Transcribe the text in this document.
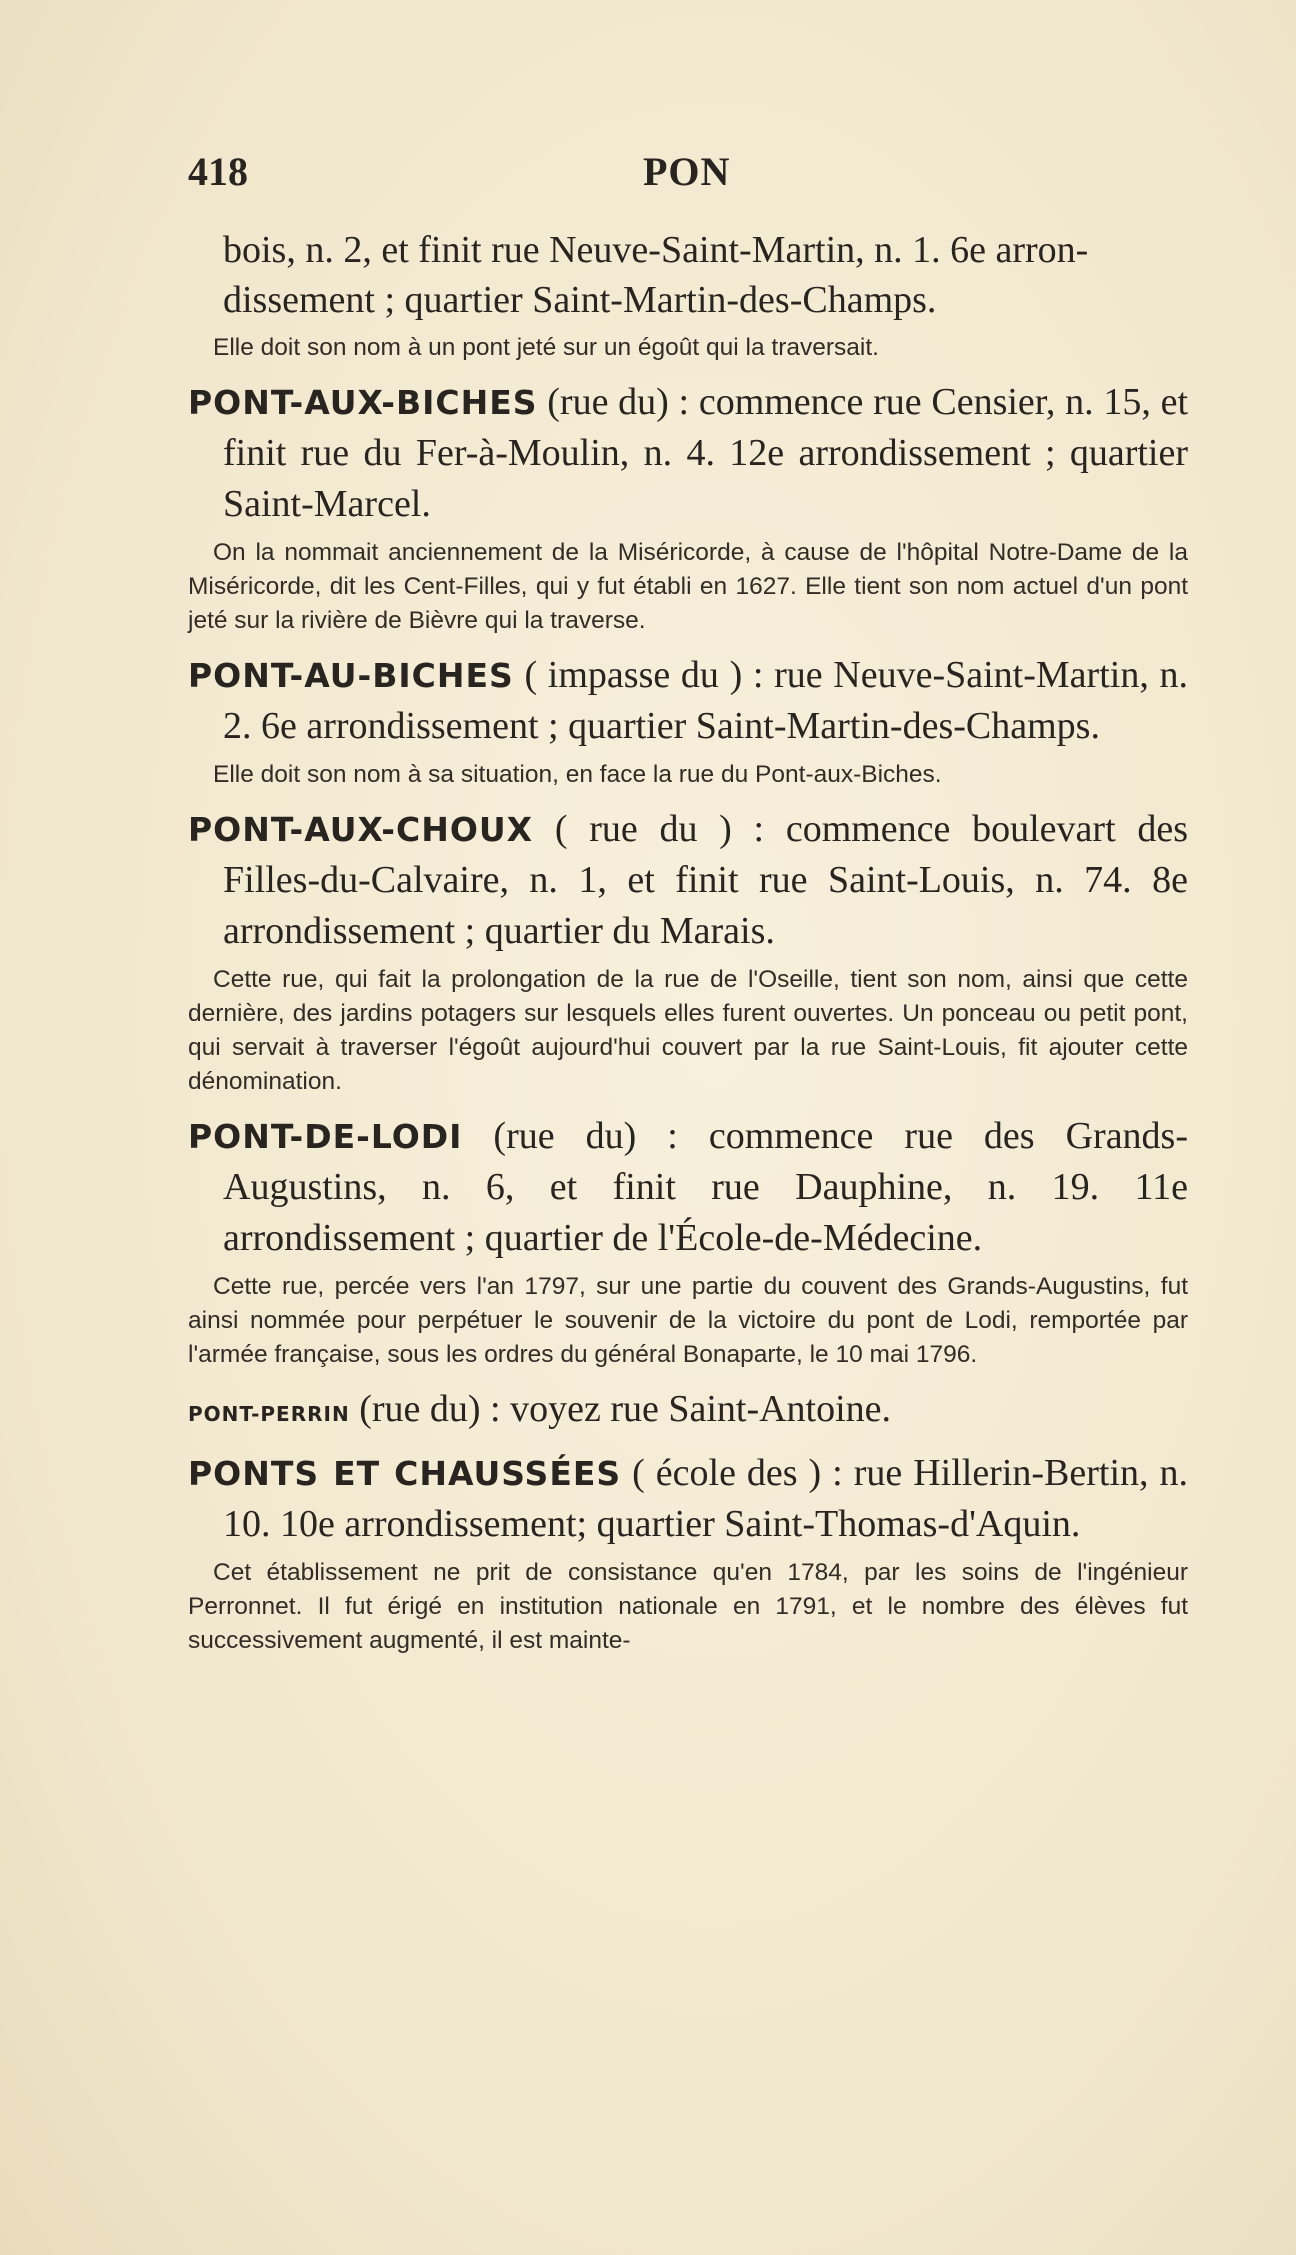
418	PON

bois, n. 2, et finit rue Neuve-Saint-Martin, n. 1. 6e arron-

dissement ; quartier Saint-Martin-des-Champs.

Elle doit son nom à un pont jeté sur un égoût qui la traversait.

PONT-AUX-BICHES (rue du) : commence rue Censier, n. 15, et finit rue du Fer-à-Moulin, n. 4. 12e arrondissement ; quartier Saint-Marcel.

On la nommait anciennement de la Miséricorde, à cause de l'hôpital Notre-Dame de la Miséricorde, dit les Cent-Filles, qui y fut établi en 1627. Elle tient son nom actuel d'un pont jeté sur la rivière de Bièvre qui la traverse.

PONT-AU-BICHES ( impasse du ) : rue Neuve-Saint-Martin, n. 2. 6e arrondissement ; quartier Saint-Martin-des-Champs.

Elle doit son nom à sa situation, en face la rue du Pont-aux-Biches.

PONT-AUX-CHOUX ( rue du ) : commence boulevart des Filles-du-Calvaire, n. 1, et finit rue Saint-Louis, n. 74. 8e arrondissement ; quartier du Marais.

Cette rue, qui fait la prolongation de la rue de l'Oseille, tient son nom, ainsi que cette dernière, des jardins potagers sur lesquels elles furent ouvertes. Un ponceau ou petit pont, qui servait à traverser l'égoût aujourd'hui couvert par la rue Saint-Louis, fit ajouter cette dénomination.

PONT-DE-LODI (rue du) : commence rue des Grands-Augustins, n. 6, et finit rue Dauphine, n. 19. 11e arrondissement ; quartier de l'École-de-Médecine.

Cette rue, percée vers l'an 1797, sur une partie du couvent des Grands-Augustins, fut ainsi nommée pour perpétuer le souvenir de la victoire du pont de Lodi, remportée par l'armée française, sous les ordres du général Bonaparte, le 10 mai 1796.

PONT-PERRIN (rue du) : voyez rue Saint-Antoine.

PONTS ET CHAUSSÉES ( école des ) : rue Hillerin-Bertin, n. 10. 10e arrondissement; quartier Saint-Thomas-d'Aquin.

Cet établissement ne prit de consistance qu'en 1784, par les soins de l'ingénieur Perronnet. Il fut érigé en institution nationale en 1791, et le nombre des élèves fut successivement augmenté, il est mainte-
